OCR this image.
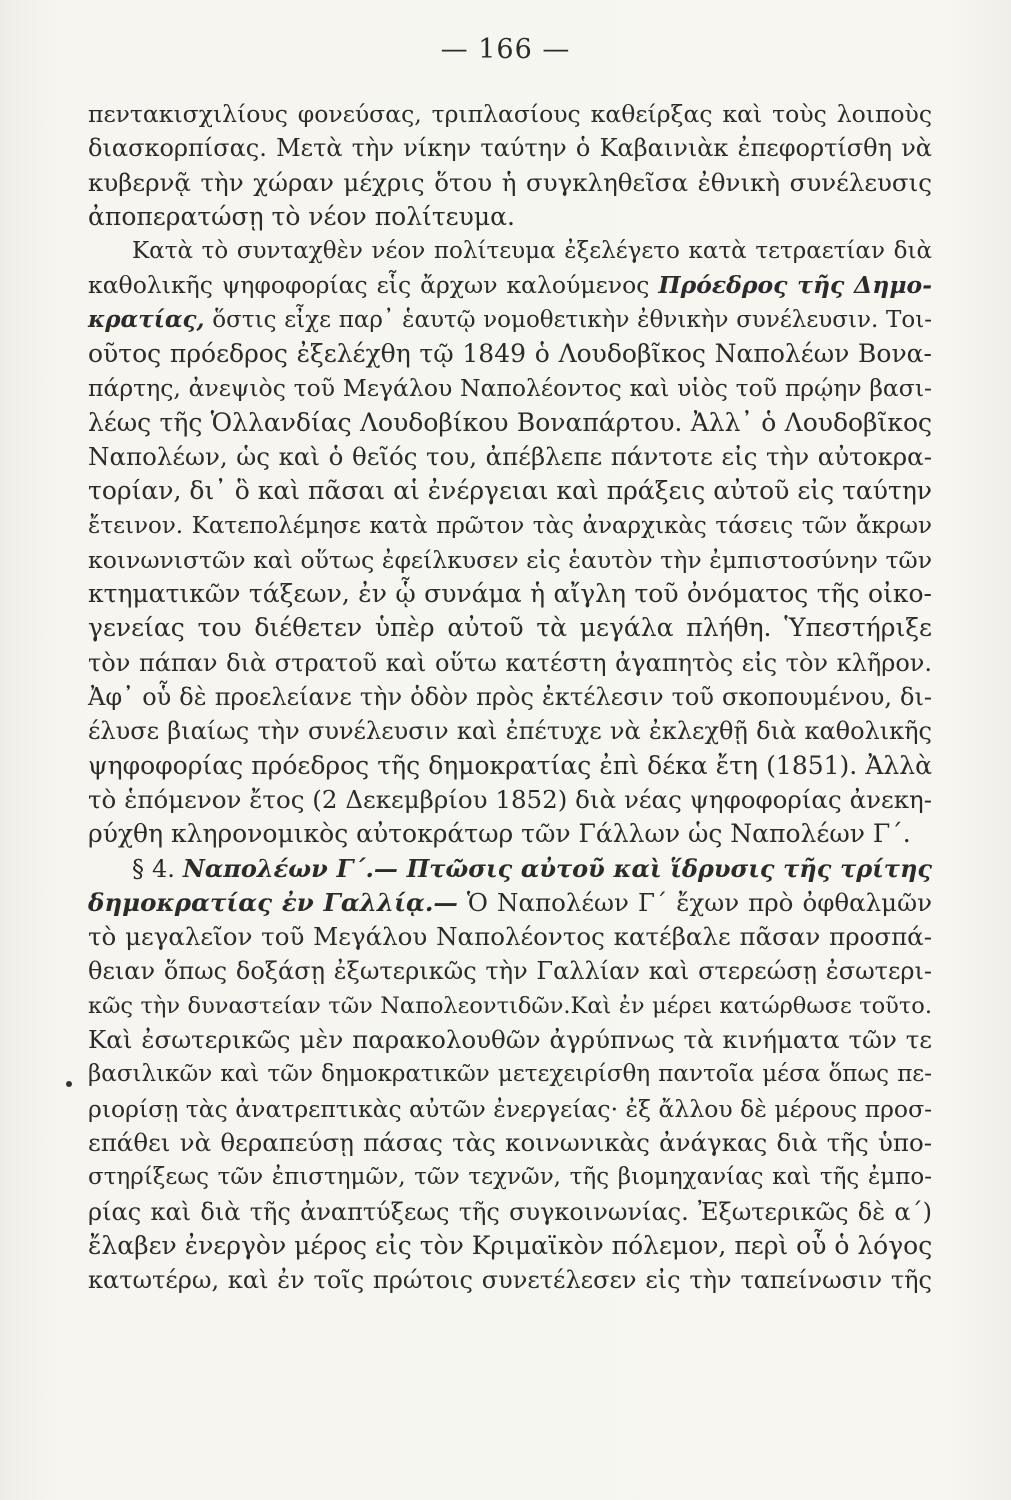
— 166 —
πεντακισχιλίους φονεύσας, τριπλασίους καθείρξας καὶ τοὺς λοιποὺς
διασκορπίσας. Μετὰ τὴν νίκην ταύτην ὁ Καβαινιὰκ ἐπεφορτίσθη νὰ
κυβερνᾷ τὴν χώραν μέχρις ὅτου ἡ συγκληθεῖσα ἐθνικὴ συνέλευσις
ἀποπερατώσῃ τὸ νέον πολίτευμα.
Κατὰ τὸ συνταχθὲν νέον πολίτευμα ἐξελέγετο κατὰ τετραετίαν διὰ
καθολικῆς ψηφοφορίας εἷς ἄρχων καλούμενος Πρόεδρος τῆς Δημο-
κρατίας, ὅστις εἶχε παρ᾽ ἑαυτῷ νομοθετικὴν ἐθνικὴν συνέλευσιν. Τοι-
οῦτος πρόεδρος ἐξελέχθη τῷ 1849 ὁ Λουδοβῖκος Ναπολέων Βονα-
πάρτης, ἀνεψιὸς τοῦ Μεγάλου Ναπολέοντος καὶ υἱὸς τοῦ πρῴην βασι-
λέως τῆς Ὁλλανδίας Λουδοβίκου Βοναπάρτου. Ἀλλ᾽ ὁ Λουδοβῖκος
Ναπολέων, ὡς καὶ ὁ θεῖός του, ἀπέβλεπε πάντοτε εἰς τὴν αὐτοκρα-
τορίαν, δι᾽ ὃ καὶ πᾶσαι αἱ ἐνέργειαι καὶ πράξεις αὐτοῦ εἰς ταύτην
ἔτεινον. Κατεπολέμησε κατὰ πρῶτον τὰς ἀναρχικὰς τάσεις τῶν ἄκρων
κοινωνιστῶν καὶ οὕτως ἐφείλκυσεν εἰς ἑαυτὸν τὴν ἐμπιστοσύνην τῶν
κτηματικῶν τάξεων, ἐν ᾧ συνάμα ἡ αἴγλη τοῦ ὀνόματος τῆς οἰκο-
γενείας του διέθετεν ὑπὲρ αὐτοῦ τὰ μεγάλα πλήθη. Ὑπεστήριξε
τὸν πάπαν διὰ στρατοῦ καὶ οὕτω κατέστη ἀγαπητὸς εἰς τὸν κλῆρον.
Ἀφ᾽ οὗ δὲ προελείανε τὴν ὁδὸν πρὸς ἐκτέλεσιν τοῦ σκοπουμένου, δι-
έλυσε βιαίως τὴν συνέλευσιν καὶ ἐπέτυχε νὰ ἐκλεχθῇ διὰ καθολικῆς
ψηφοφορίας πρόεδρος τῆς δημοκρατίας ἐπὶ δέκα ἔτη (1851). Ἀλλὰ
τὸ ἑπόμενον ἔτος (2 Δεκεμβρίου 1852) διὰ νέας ψηφοφορίας ἀνεκη-
ρύχθη κληρονομικὸς αὐτοκράτωρ τῶν Γάλλων ὡς Ναπολέων Γ΄.
§ 4. Ναπολέων Γ΄.— Πτῶσις αὐτοῦ καὶ ἵδρυσις τῆς τρίτης
δημοκρατίας ἐν Γαλλίᾳ.— Ὁ Ναπολέων Γ΄ ἔχων πρὸ ὀφθαλμῶν
τὸ μεγαλεῖον τοῦ Μεγάλου Ναπολέοντος κατέβαλε πᾶσαν προσπά-
θειαν ὅπως δοξάσῃ ἐξωτερικῶς τὴν Γαλλίαν καὶ στερεώσῃ ἐσωτερι-
κῶς τὴν δυναστείαν τῶν Ναπολεοντιδῶν.Καὶ ἐν μέρει κατώρθωσε τοῦτο.
Καὶ ἐσωτερικῶς μὲν παρακολουθῶν ἀγρύπνως τὰ κινήματα τῶν τε
βασιλικῶν καὶ τῶν δημοκρατικῶν μετεχειρίσθη παντοῖα μέσα ὅπως πε-
ριορίσῃ τὰς ἀνατρεπτικὰς αὐτῶν ἐνεργείας· ἐξ ἄλλου δὲ μέρους προσ-
επάθει νὰ θεραπεύσῃ πάσας τὰς κοινωνικὰς ἀνάγκας διὰ τῆς ὑπο-
στηρίξεως τῶν ἐπιστημῶν, τῶν τεχνῶν, τῆς βιομηχανίας καὶ τῆς ἐμπο-
ρίας καὶ διὰ τῆς ἀναπτύξεως τῆς συγκοινωνίας. Ἐξωτερικῶς δὲ α΄)
ἔλαβεν ἐνεργὸν μέρος εἰς τὸν Κριμαϊκὸν πόλεμον, περὶ οὗ ὁ λόγος
κατωτέρω, καὶ ἐν τοῖς πρώτοις συνετέλεσεν εἰς τὴν ταπείνωσιν τῆς
